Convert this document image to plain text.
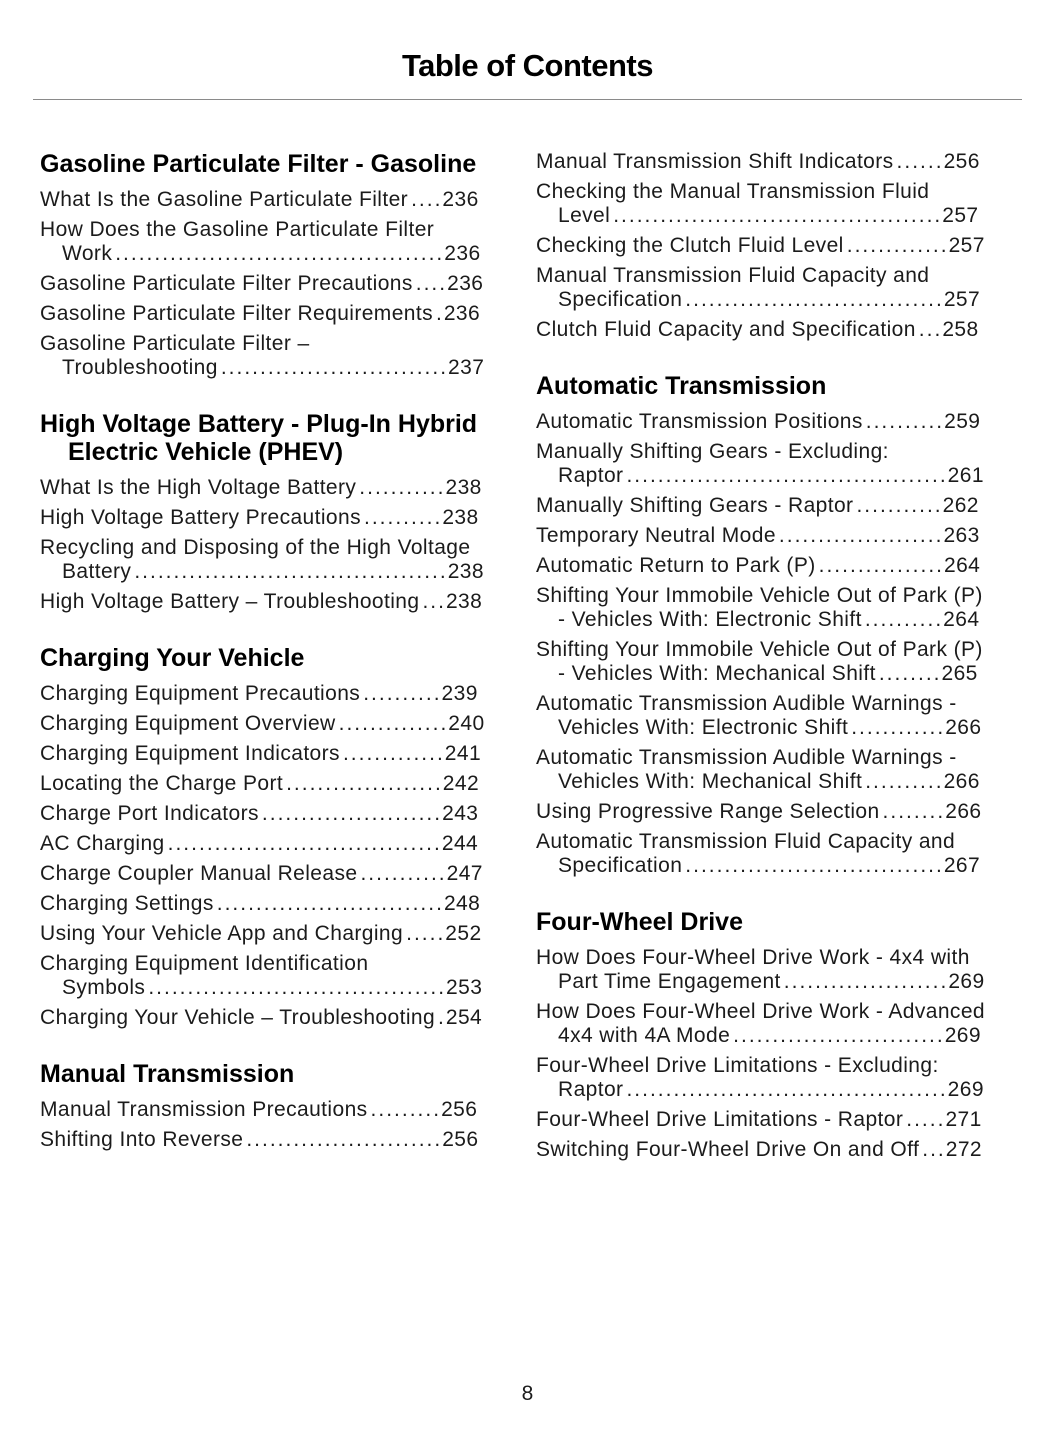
Table of Contents
Gasoline Particulate Filter - Gasoline
What Is the Gasoline Particulate Filter ....236
How Does the Gasoline Particulate Filter Work ..........................................236
Gasoline Particulate Filter Precautions ....236
Gasoline Particulate Filter Requirements .236
Gasoline Particulate Filter – Troubleshooting .............................237
High Voltage Battery - Plug-In Hybrid Electric Vehicle (PHEV)
What Is the High Voltage Battery ...........238
High Voltage Battery Precautions ..........238
Recycling and Disposing of the High Voltage Battery ........................................238
High Voltage Battery – Troubleshooting ...238
Charging Your Vehicle
Charging Equipment Precautions ..........239
Charging Equipment Overview ..............240
Charging Equipment Indicators .............241
Locating the Charge Port ....................242
Charge Port Indicators .......................243
AC Charging ...................................244
Charge Coupler Manual Release ...........247
Charging Settings .............................248
Using Your Vehicle App and Charging .....252
Charging Equipment Identification Symbols ......................................253
Charging Your Vehicle – Troubleshooting .254
Manual Transmission
Manual Transmission Precautions .........256
Shifting Into Reverse .........................256
Manual Transmission Shift Indicators ......256
Checking the Manual Transmission Fluid Level ..........................................257
Checking the Clutch Fluid Level .............257
Manual Transmission Fluid Capacity and Specification .................................257
Clutch Fluid Capacity and Specification ...258
Automatic Transmission
Automatic Transmission Positions ..........259
Manually Shifting Gears - Excluding: Raptor .........................................261
Manually Shifting Gears - Raptor ...........262
Temporary Neutral Mode .....................263
Automatic Return to Park (P) ................264
Shifting Your Immobile Vehicle Out of Park (P) - Vehicles With: Electronic Shift ..........264
Shifting Your Immobile Vehicle Out of Park (P) - Vehicles With: Mechanical Shift ........265
Automatic Transmission Audible Warnings - Vehicles With: Electronic Shift ............266
Automatic Transmission Audible Warnings - Vehicles With: Mechanical Shift ..........266
Using Progressive Range Selection ........266
Automatic Transmission Fluid Capacity and Specification .................................267
Four-Wheel Drive
How Does Four-Wheel Drive Work - 4x4 with Part Time Engagement .....................269
How Does Four-Wheel Drive Work - Advanced 4x4 with 4A Mode ...........................269
Four-Wheel Drive Limitations - Excluding: Raptor .........................................269
Four-Wheel Drive Limitations - Raptor .....271
Switching Four-Wheel Drive On and Off ...272
8
